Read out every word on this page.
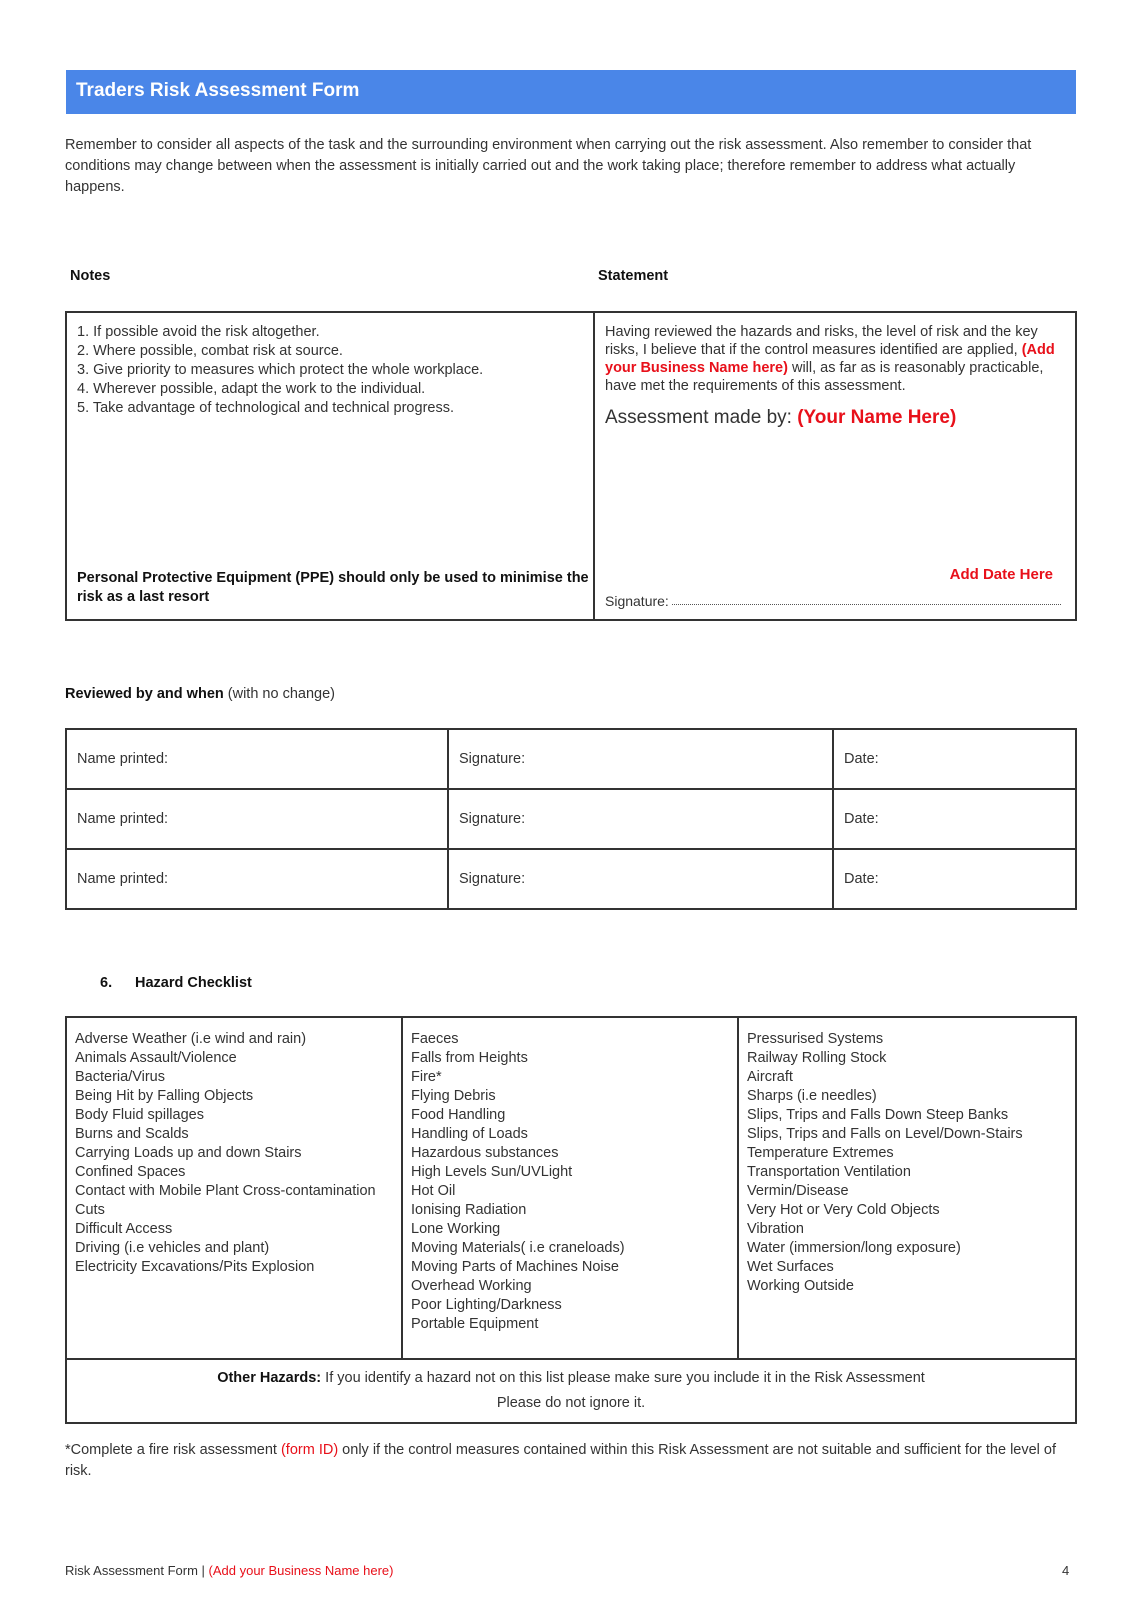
Traders Risk Assessment Form
Remember to consider all aspects of the task and the surrounding environment when carrying out the risk assessment. Also remember to consider that conditions may change between when the assessment is initially carried out and the work taking place; therefore remember to address what actually happens.
Notes	Statement
1. If possible avoid the risk altogether.
2. Where possible, combat risk at source.
3. Give priority to measures which protect the whole workplace.
4. Wherever possible, adapt the work to the individual.
5. Take advantage of technological and technical progress.
Personal Protective Equipment (PPE) should only be used to minimise the risk as a last resort

Having reviewed the hazards and risks, the level of risk and the key risks, I believe that if the control measures identified are applied, (Add your Business Name here) will, as far as is reasonably practicable, have met the requirements of this assessment.
Assessment made by: (Your Name Here)
Add Date Here
Signature:
Reviewed by and when (with no change)
Name printed:	Signature:	Date:
Name printed:	Signature:	Date:
Name printed:	Signature:	Date:
6. Hazard Checklist
Adverse Weather (i.e wind and rain)
Animals Assault/Violence
Bacteria/Virus
Being Hit by Falling Objects
Body Fluid spillages
Burns and Scalds
Carrying Loads up and down Stairs
Confined Spaces
Contact with Mobile Plant Cross-contamination
Cuts
Difficult Access
Driving (i.e vehicles and plant)
Electricity Excavations/Pits Explosion

Faeces
Falls from Heights
Fire*
Flying Debris
Food Handling
Handling of Loads
Hazardous substances
High Levels Sun/UVLight
Hot Oil
Ionising Radiation
Lone Working
Moving Materials( i.e craneloads)
Moving Parts of Machines Noise
Overhead Working
Poor Lighting/Darkness
Portable Equipment

Pressurised Systems
Railway Rolling Stock
Aircraft
Sharps (i.e needles)
Slips, Trips and Falls Down Steep Banks
Slips, Trips and Falls on Level/Down-Stairs
Temperature Extremes
Transportation Ventilation
Vermin/Disease
Very Hot or Very Cold Objects
Vibration
Water (immersion/long exposure)
Wet Surfaces
Working Outside

Other Hazards: If you identify a hazard not on this list please make sure you include it in the Risk Assessment
Please do not ignore it.
*Complete a fire risk assessment (form ID) only if the control measures contained within this Risk Assessment are not suitable and sufficient for the level of risk.
Risk Assessment Form | (Add your Business Name here)	4
